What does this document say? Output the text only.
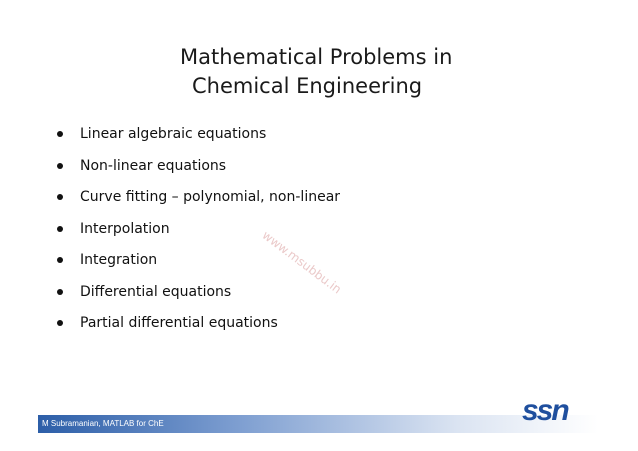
Mathematical Problems in
Chemical Engineering
Linear algebraic equations
Non-linear equations
Curve fitting – polynomial, non-linear
Interpolation
Integration
Differential equations
Partial differential equations
www.msubbu.in
M Subramanian, MATLAB for ChE	ssn
